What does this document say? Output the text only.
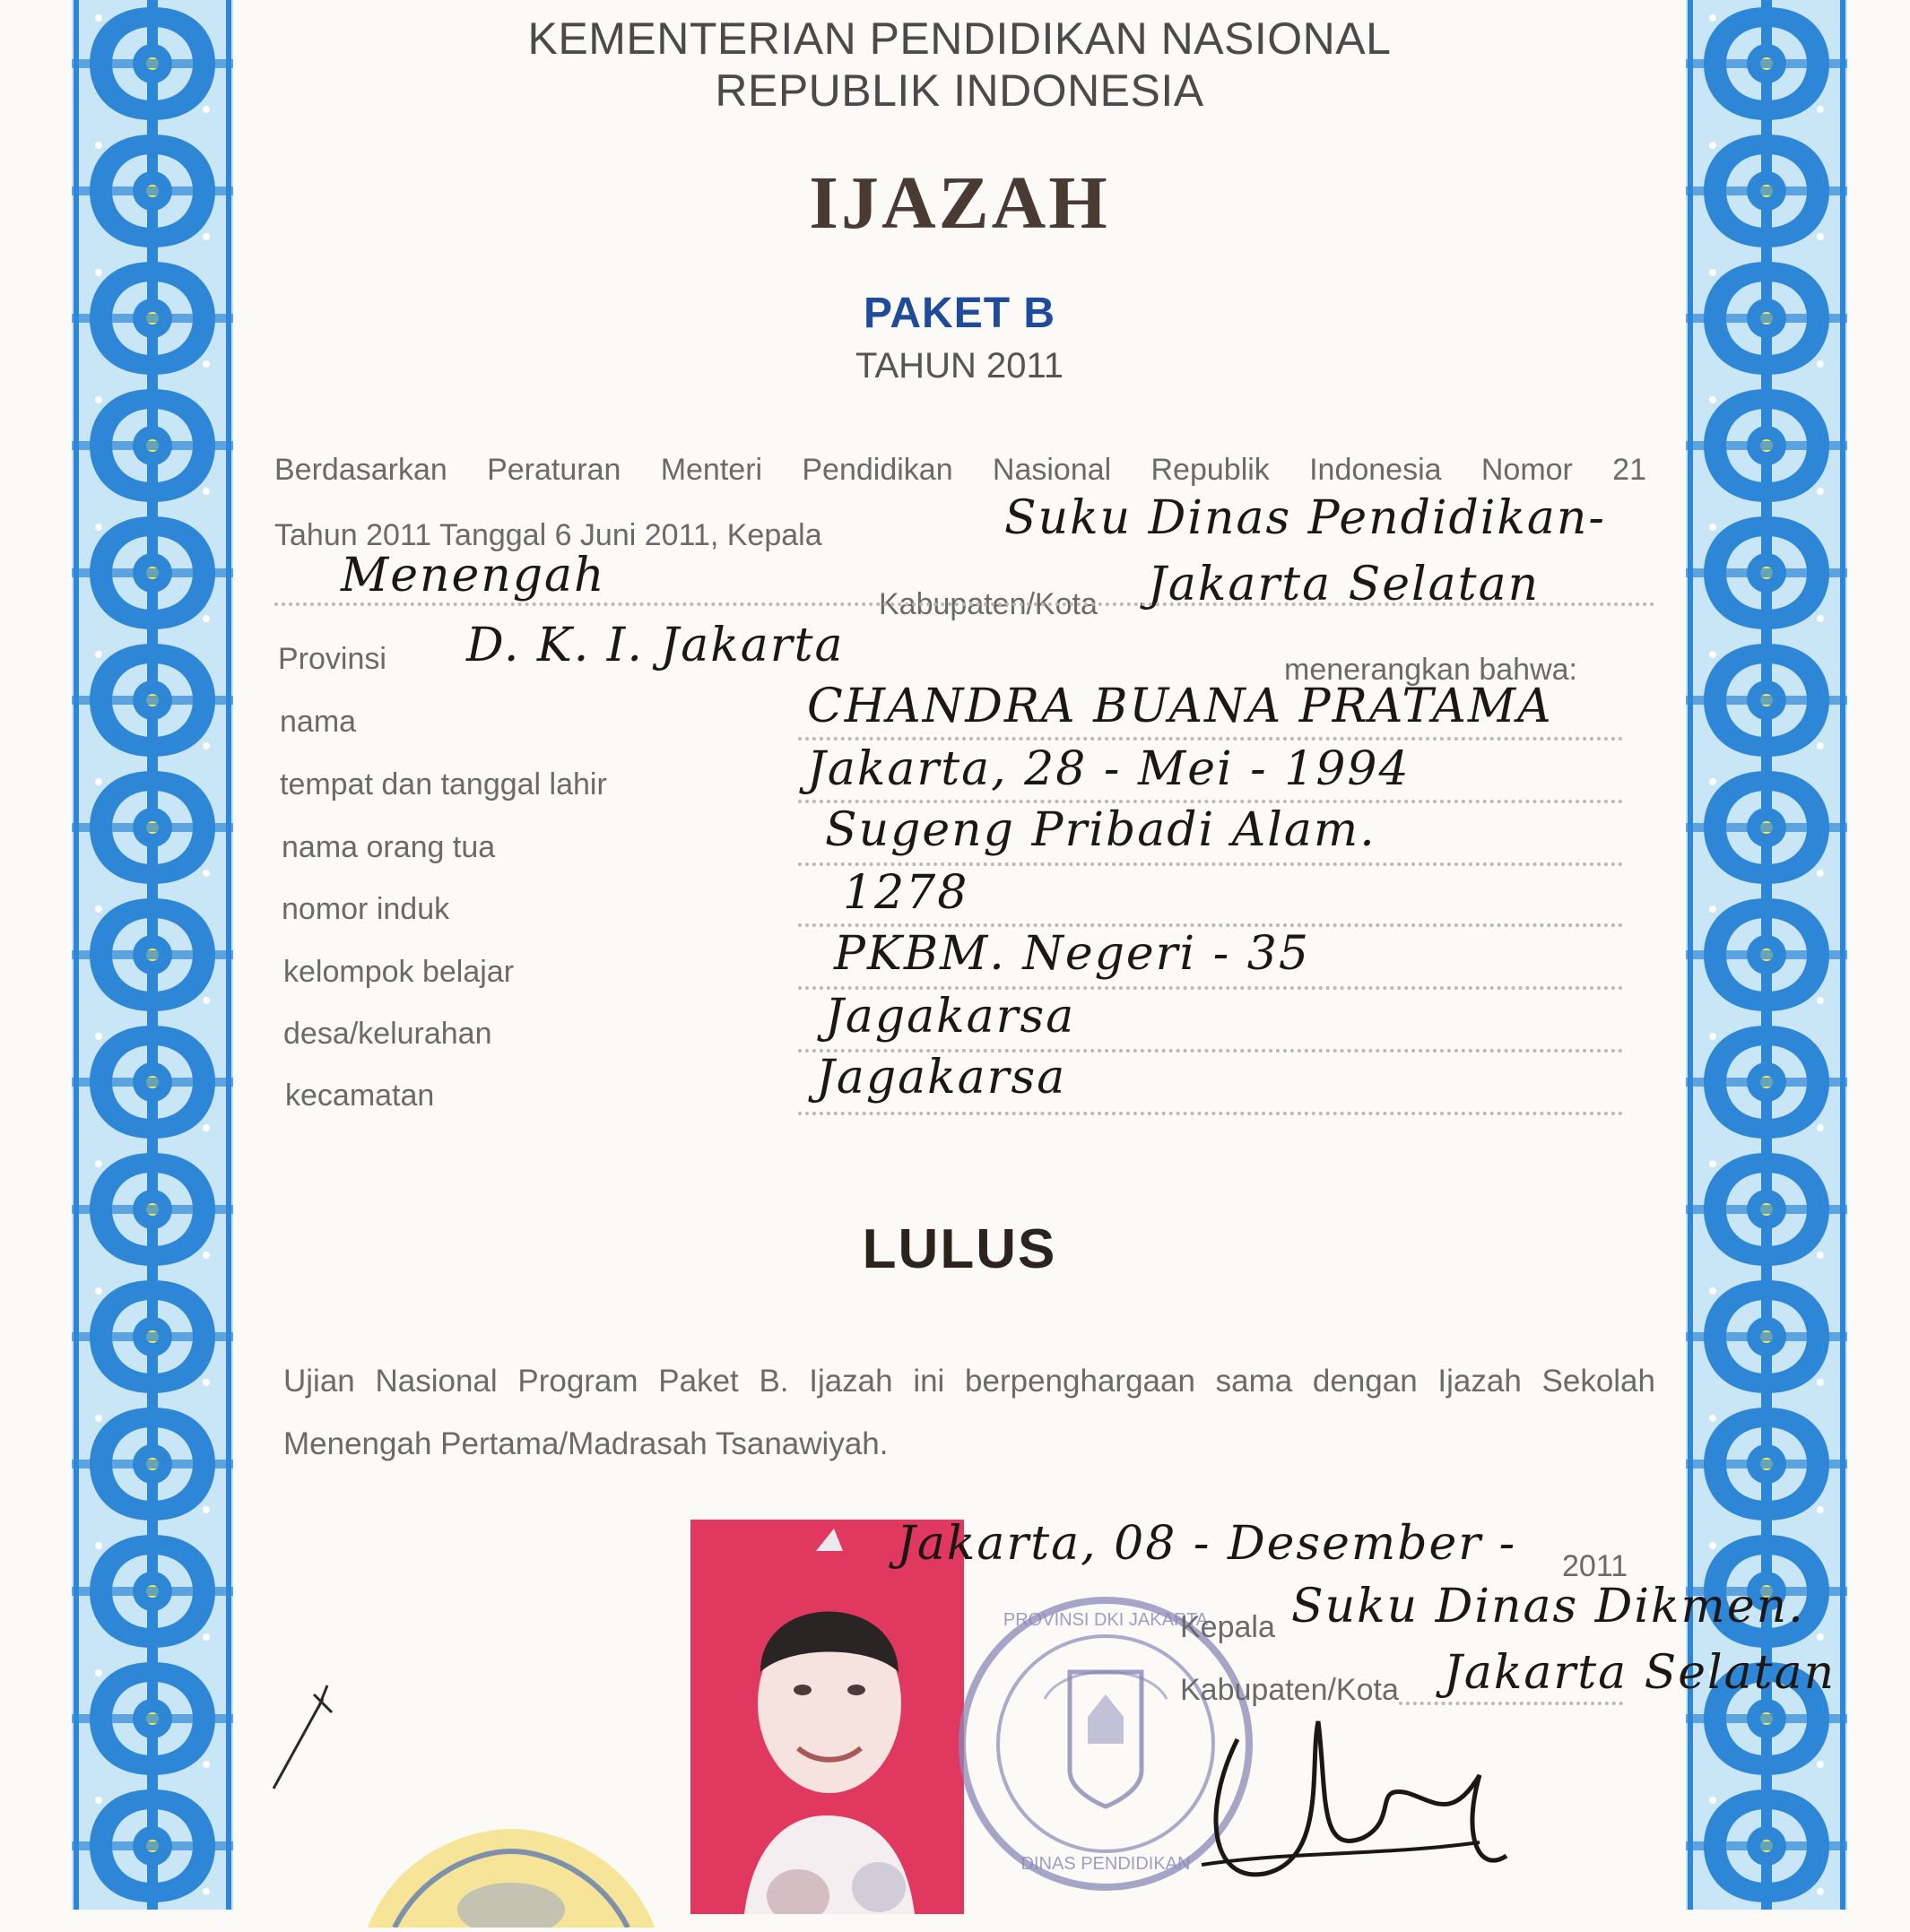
KEMENTERIAN PENDIDIKAN NASIONAL
REPUBLIK INDONESIA
IJAZAH
PAKET B
TAHUN 2011
Berdasarkan Peraturan Menteri Pendidikan Nasional Republik Indonesia Nomor 21
Tahun 2011 Tanggal 6 Juni 2011, Kepala	Suku Dinas Pendidikan-
Menengah
Kabupaten/Kota Jakarta Selatan
Provinsi D. K. I. Jakarta	menerangkan bahwa:
nama	CHANDRA BUANA PRATAMA
tempat dan tanggal lahir	Jakarta, 28 - Mei - 1994
nama orang tua	Sugeng Pribadi Alam.
nomor induk	1278
kelompok belajar	PKBM. Negeri - 35
desa/kelurahan	Jagakarsa
kecamatan	Jagakarsa
LULUS
Ujian Nasional Program Paket B. Ijazah ini berpenghargaan sama dengan Ijazah Sekolah Menengah Pertama/Madrasah Tsanawiyah.
PROVINSI DKI JAKARTA
DINAS PENDIDIKAN
Jakarta, 08 - Desember - 2011
Kepala Suku Dinas Dikmen.
Kabupaten/Kota Jakarta Selatan
